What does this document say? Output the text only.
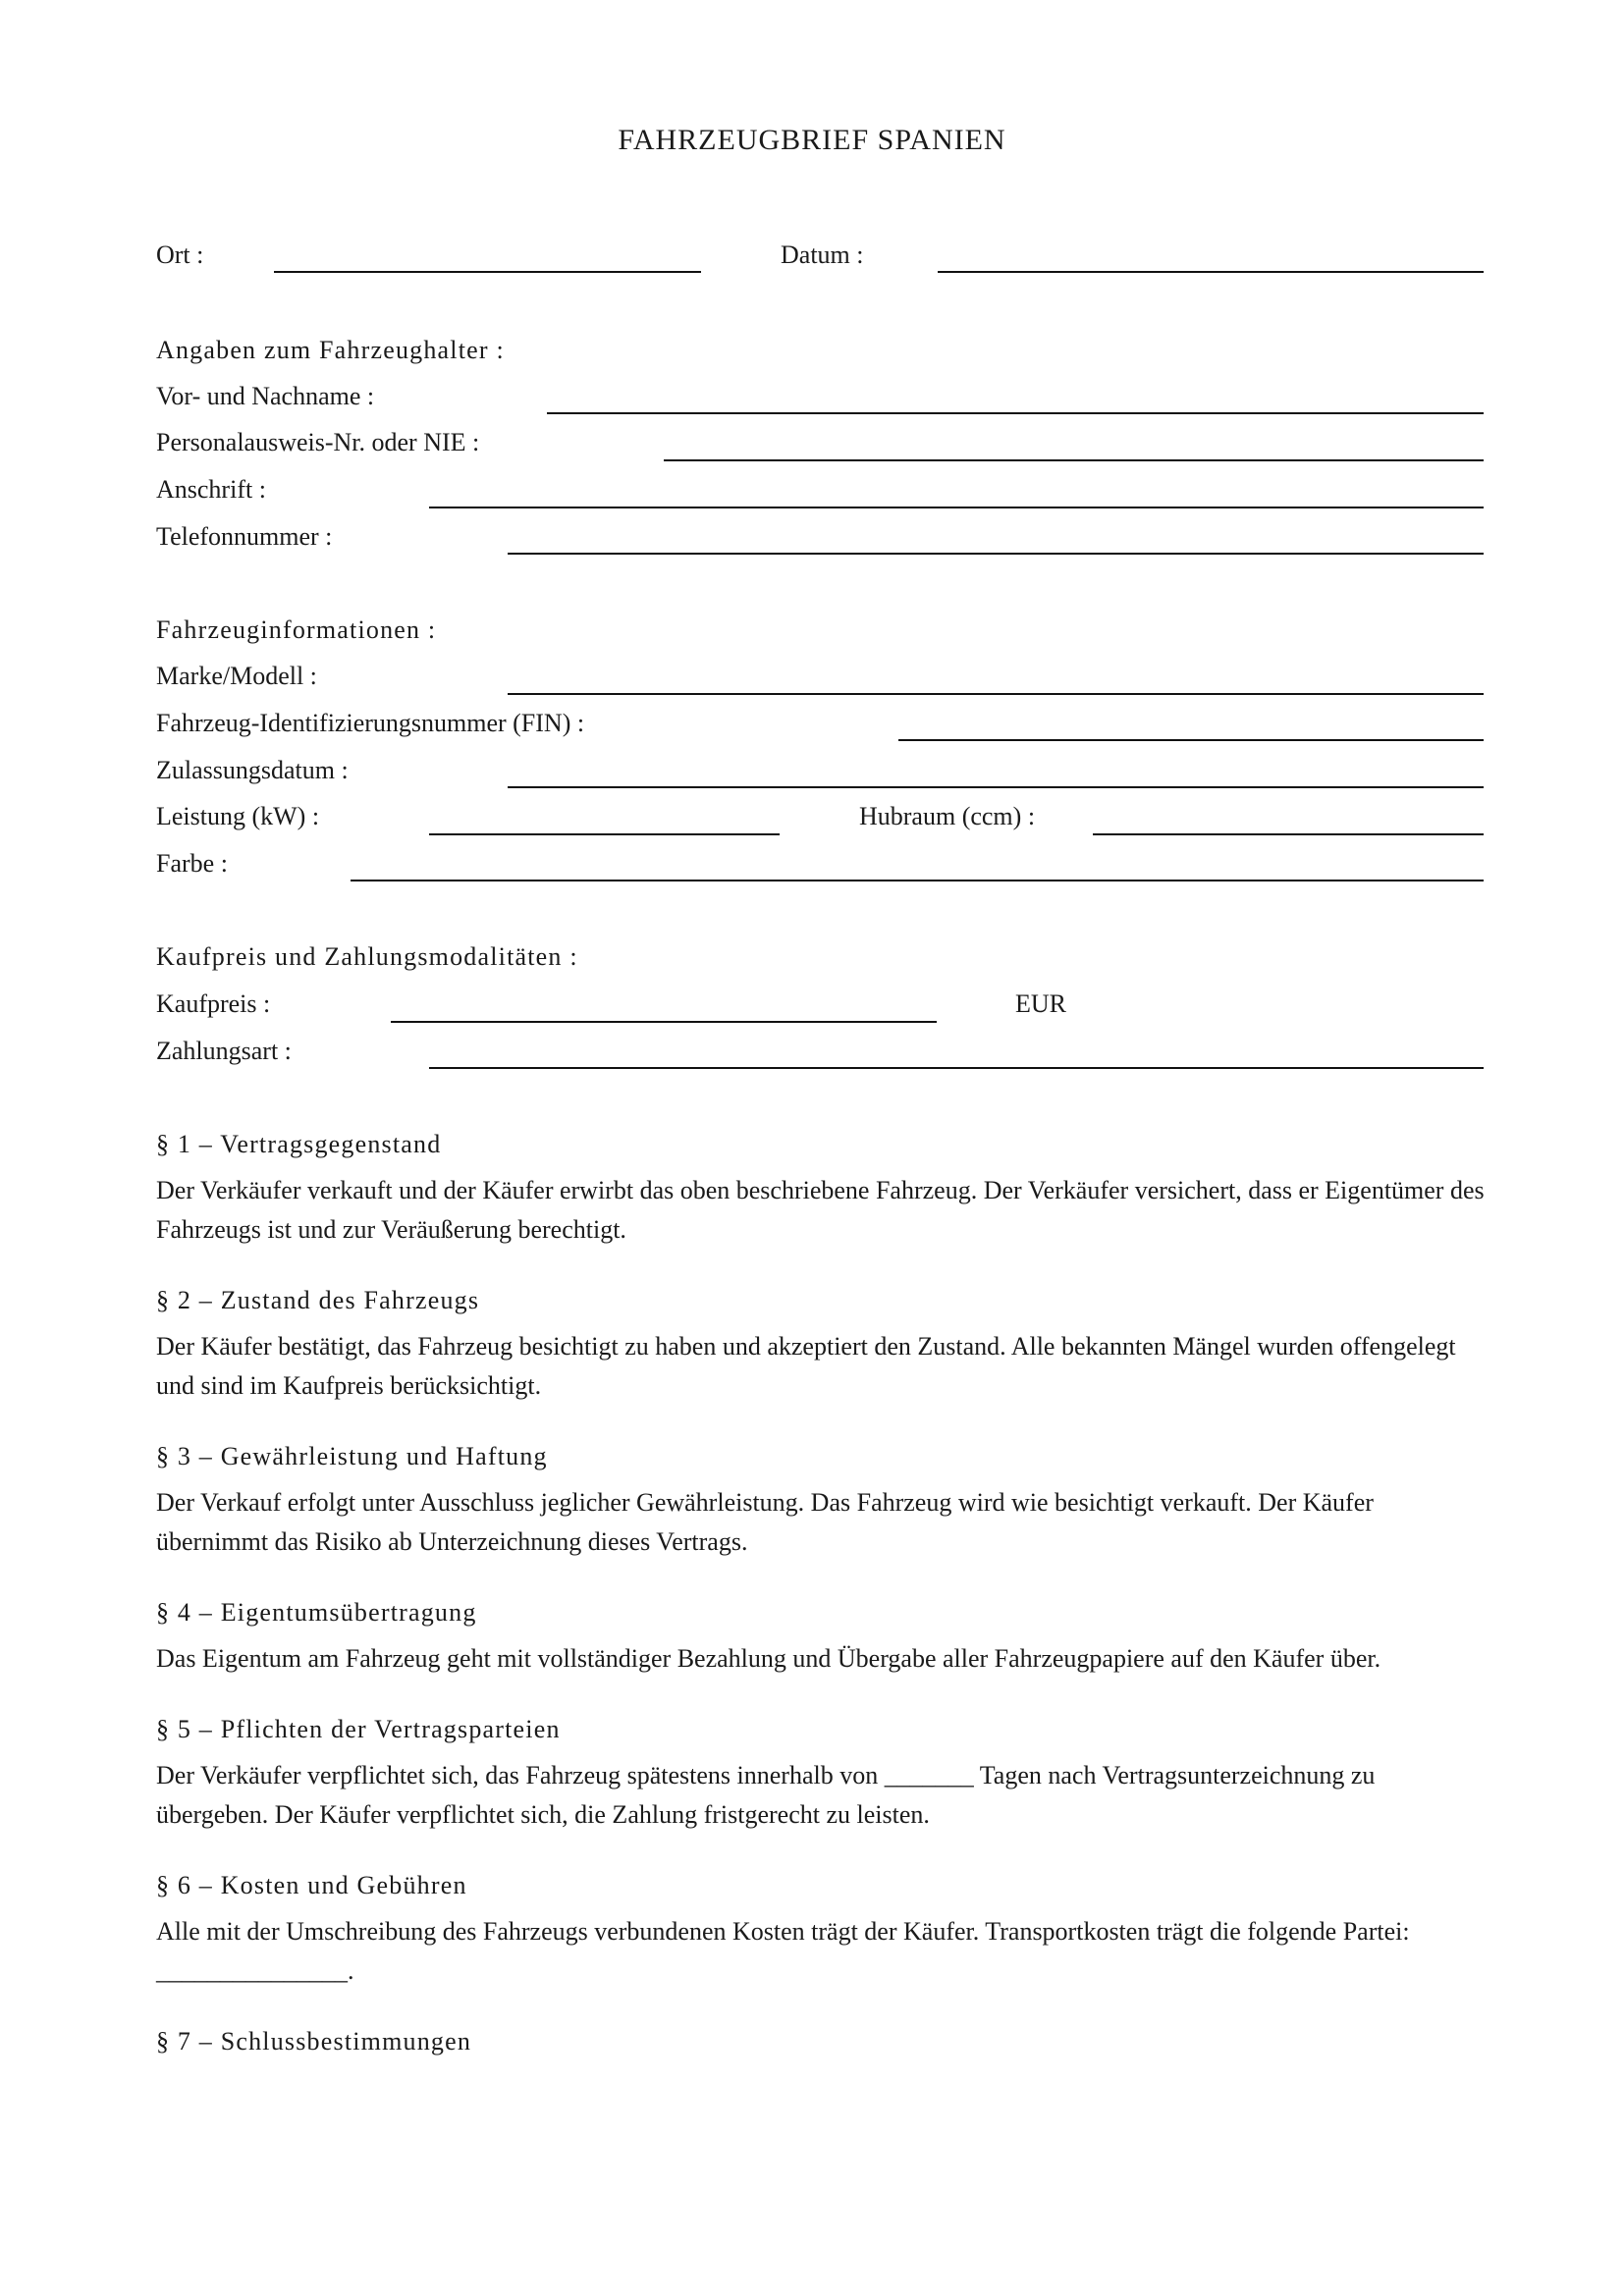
FAHRZEUGBRIEF SPANIEN
Ort :	Datum :
Angaben zum Fahrzeughalter :
Vor- und Nachname :
Personalausweis-Nr. oder NIE :
Anschrift :
Telefonnummer :
Fahrzeuginformationen :
Marke/Modell :
Fahrzeug-Identifizierungsnummer (FIN) :
Zulassungsdatum :
Leistung (kW) :	Hubraum (ccm) :
Farbe :
Kaufpreis und Zahlungsmodalitäten :
Kaufpreis :	EUR
Zahlungsart :
§ 1 – Vertragsgegenstand
Der Verkäufer verkauft und der Käufer erwirbt das oben beschriebene Fahrzeug. Der Verkäufer versichert, dass er Eigentümer des Fahrzeugs ist und zur Veräußerung berechtigt.
§ 2 – Zustand des Fahrzeugs
Der Käufer bestätigt, das Fahrzeug besichtigt zu haben und akzeptiert den Zustand. Alle bekannten Mängel wurden offengelegt und sind im Kaufpreis berücksichtigt.
§ 3 – Gewährleistung und Haftung
Der Verkauf erfolgt unter Ausschluss jeglicher Gewährleistung. Das Fahrzeug wird wie besichtigt verkauft. Der Käufer übernimmt das Risiko ab Unterzeichnung dieses Vertrags.
§ 4 – Eigentumsübertragung
Das Eigentum am Fahrzeug geht mit vollständiger Bezahlung und Übergabe aller Fahrzeugpapiere auf den Käufer über.
§ 5 – Pflichten der Vertragsparteien
Der Verkäufer verpflichtet sich, das Fahrzeug spätestens innerhalb von _______ Tagen nach Vertragsunterzeichnung zu übergeben. Der Käufer verpflichtet sich, die Zahlung fristgerecht zu leisten.
§ 6 – Kosten und Gebühren
Alle mit der Umschreibung des Fahrzeugs verbundenen Kosten trägt der Käufer. Transportkosten trägt die folgende Partei: _______________.
§ 7 – Schlussbestimmungen
